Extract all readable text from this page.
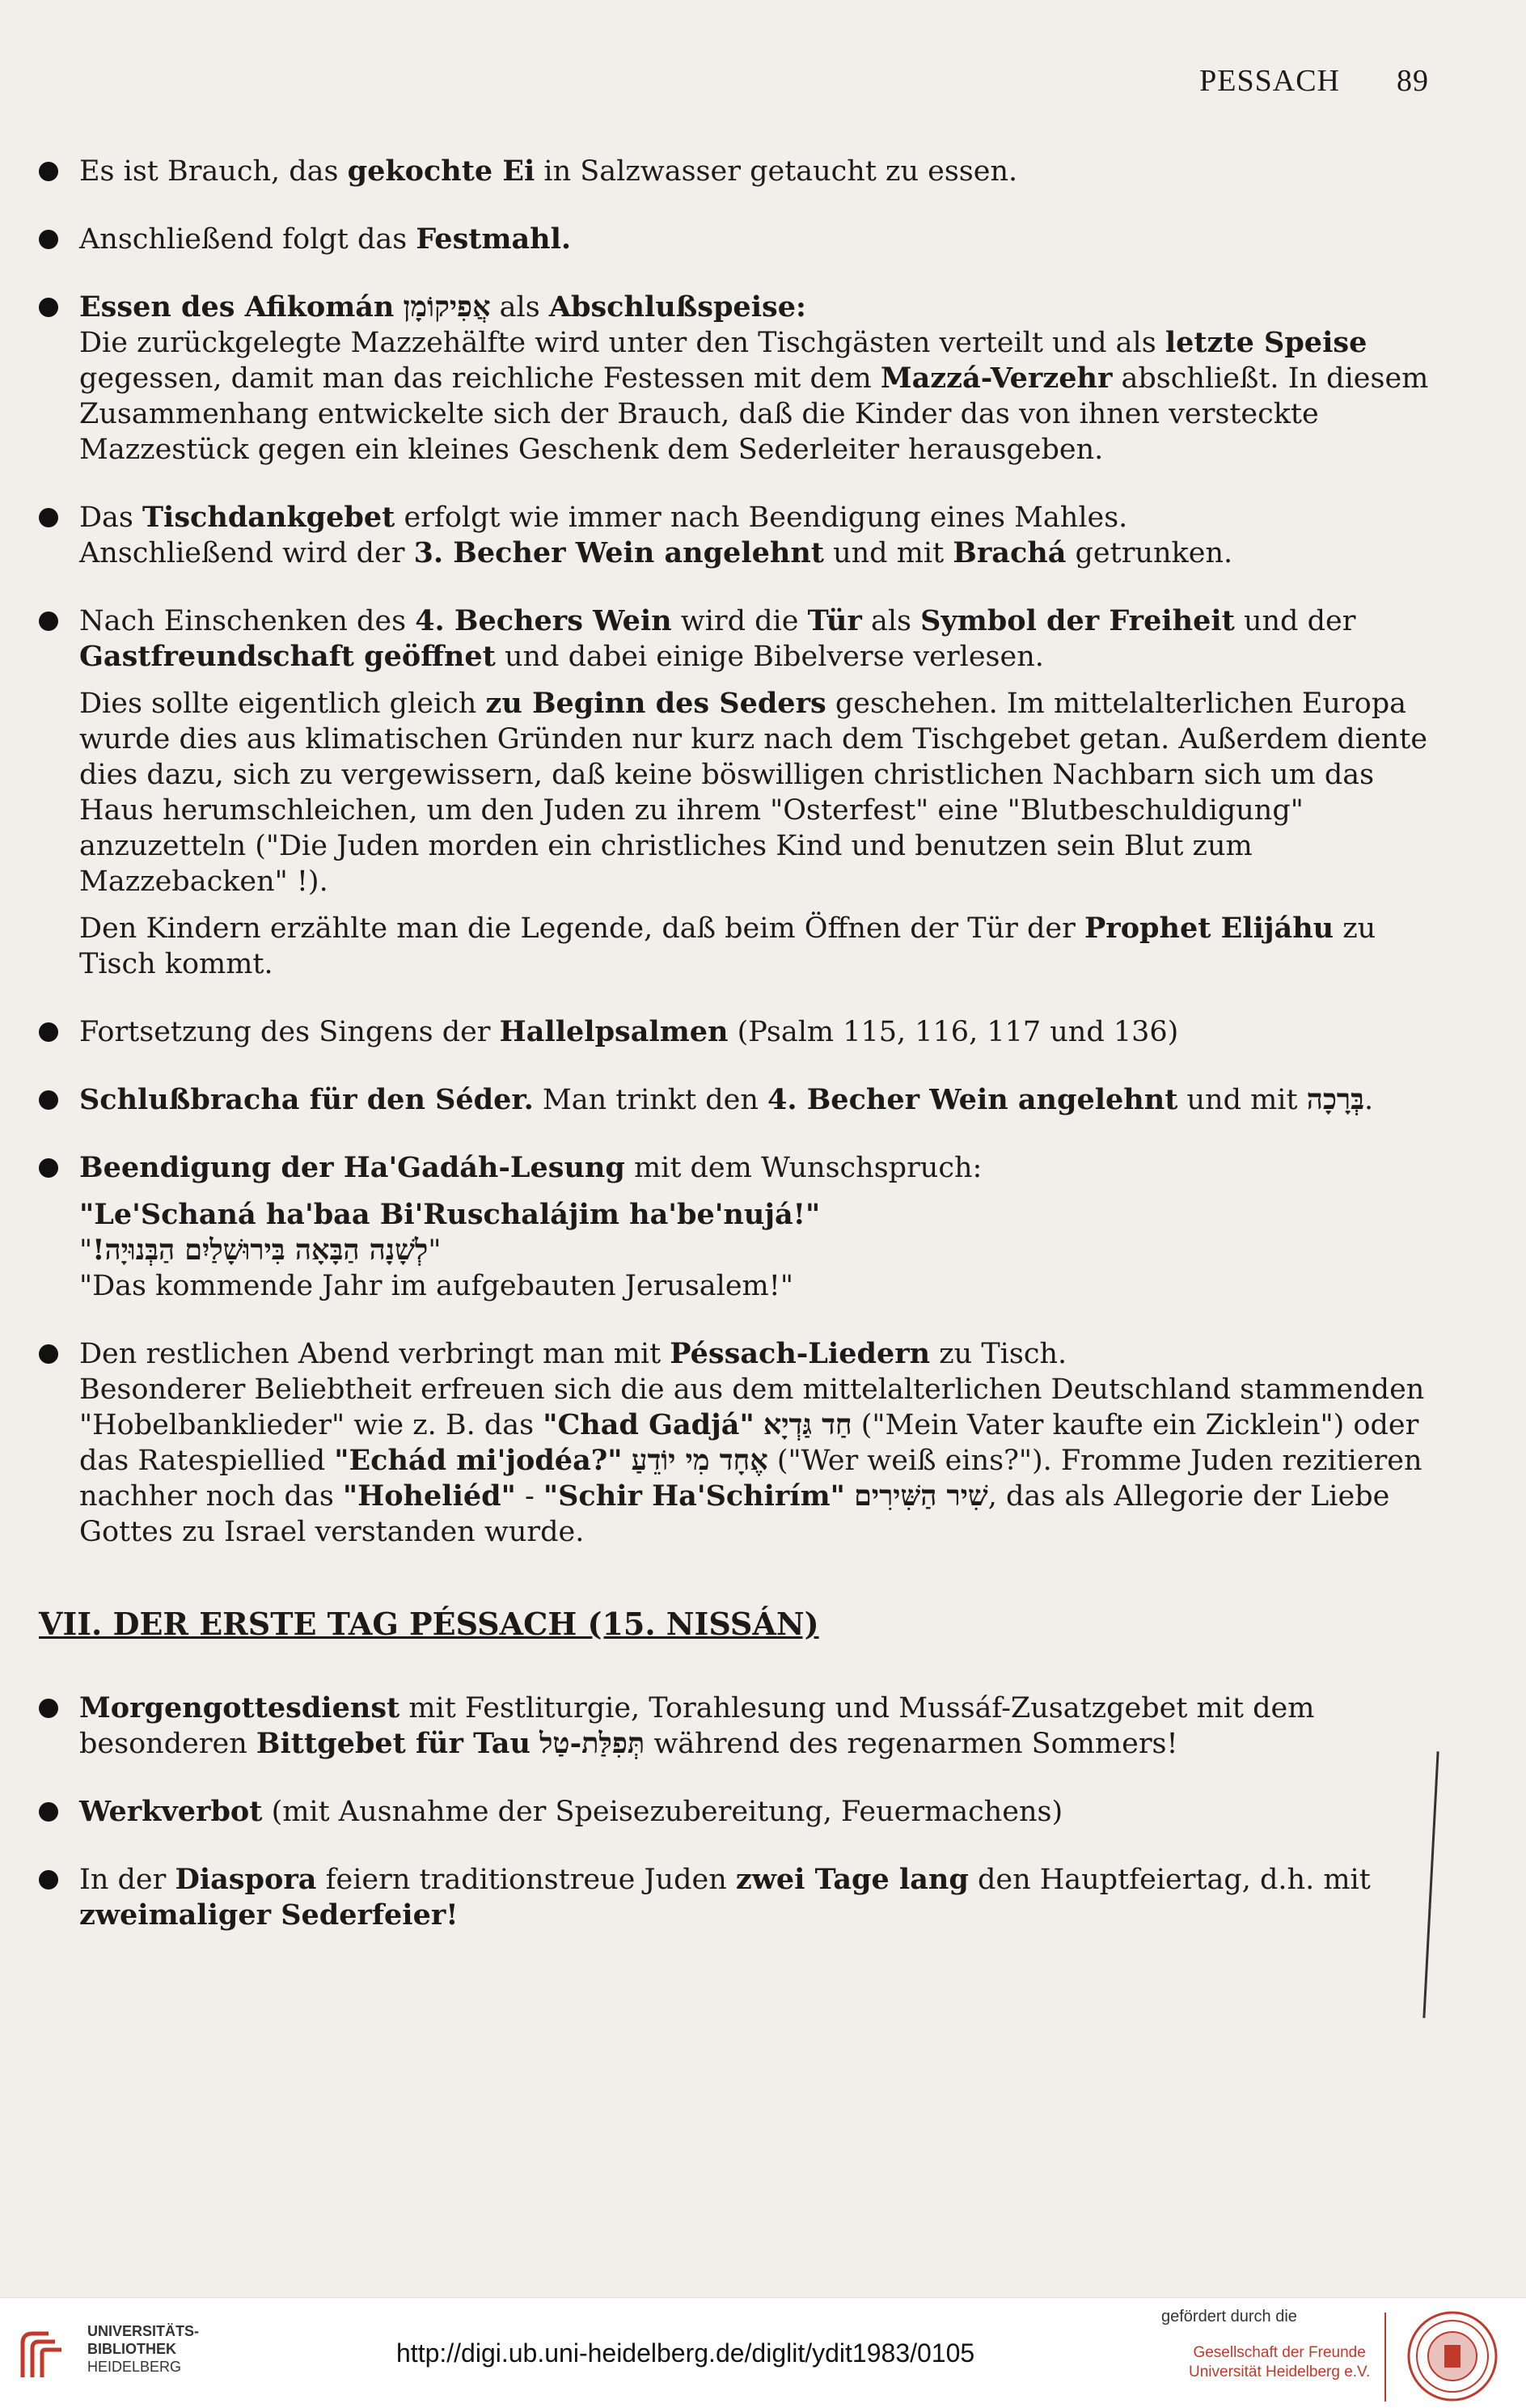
PESSACH 89

Es ist Brauch, das gekochte Ei in Salzwasser getaucht zu essen.

Anschließend folgt das Festmahl.

Essen des Afikomán אֲפִיקוֹמָן als Abschlußspeise:
Die zurückgelegte Mazzehälfte wird unter den Tischgästen verteilt und als letzte Speise gegessen, damit man das reichliche Festessen mit dem Mazzá-Verzehr abschließt. In diesem Zusammenhang entwickelte sich der Brauch, daß die Kinder das von ihnen versteckte Mazzestück gegen ein kleines Geschenk dem Sederleiter herausgeben.

Das Tischdankgebet erfolgt wie immer nach Beendigung eines Mahles.
Anschließend wird der 3. Becher Wein angelehnt und mit Brachá getrunken.

Nach Einschenken des 4. Bechers Wein wird die Tür als Symbol der Freiheit und der Gastfreundschaft geöffnet und dabei einige Bibelverse verlesen.

Dies sollte eigentlich gleich zu Beginn des Seders geschehen. Im mittelalterlichen Europa wurde dies aus klimatischen Gründen nur kurz nach dem Tischgebet getan. Außerdem diente dies dazu, sich zu vergewissern, daß keine böswilligen christlichen Nachbarn sich um das Haus herumschleichen, um den Juden zu ihrem "Osterfest" eine "Blutbeschuldigung" anzuzetteln ("Die Juden morden ein christliches Kind und benutzen sein Blut zum Mazzebacken" !).

Den Kindern erzählte man die Legende, daß beim Öffnen der Tür der Prophet Elijáhu zu Tisch kommt.

Fortsetzung des Singens der Hallelpsalmen (Psalm 115, 116, 117 und 136)

Schlußbracha für den Séder. Man trinkt den 4. Becher Wein angelehnt und mit בְּרָכָה.

Beendigung der Ha'Gadáh-Lesung mit dem Wunschspruch:

"Le'Schaná ha'baa Bi'Ruschalájim ha'be'nujá!"
"לְשָׁנָה הַבָּאָה בִּירוּשָׁלַיִם הַבְּנוּיָה!"
"Das kommende Jahr im aufgebauten Jerusalem!"

Den restlichen Abend verbringt man mit Péssach-Liedern zu Tisch.
Besonderer Beliebtheit erfreuen sich die aus dem mittelalterlichen Deutschland stammenden "Hobelbanklieder" wie z. B. das "Chad Gadjá" חַד גַּדְיָא ("Mein Vater kaufte ein Zicklein") oder das Ratespiellied "Echád mi'jodéa?" אֶחָד מִי יוֹדֵעַ ("Wer weiß eins?"). Fromme Juden rezitieren nachher noch das "Hoheliéd" - "Schir Ha'Schirím" שִׁיר הַשִּׁירִים, das als Allegorie der Liebe Gottes zu Israel verstanden wurde.

VII. DER ERSTE TAG PÉSSACH (15. NISSÁN)

Morgengottesdienst mit Festliturgie, Torahlesung und Mussáf-Zusatzgebet mit dem besonderen Bittgebet für Tau תְּפִלַּת-טַל während des regenarmen Sommers!

Werkverbot (mit Ausnahme der Speisezubereitung, Feuermachens)

In der Diaspora feiern traditionstreue Juden zwei Tage lang den Hauptfeiertag, d.h. mit zweimaliger Sederfeier!

UNIVERSITÄTS-
BIBLIOTHEK
HEIDELBERG	http://digi.ub.uni-heidelberg.de/diglit/ydit1983/0105
gefördert durch die
Gesellschaft der Freunde
Universität Heidelberg e.V.
